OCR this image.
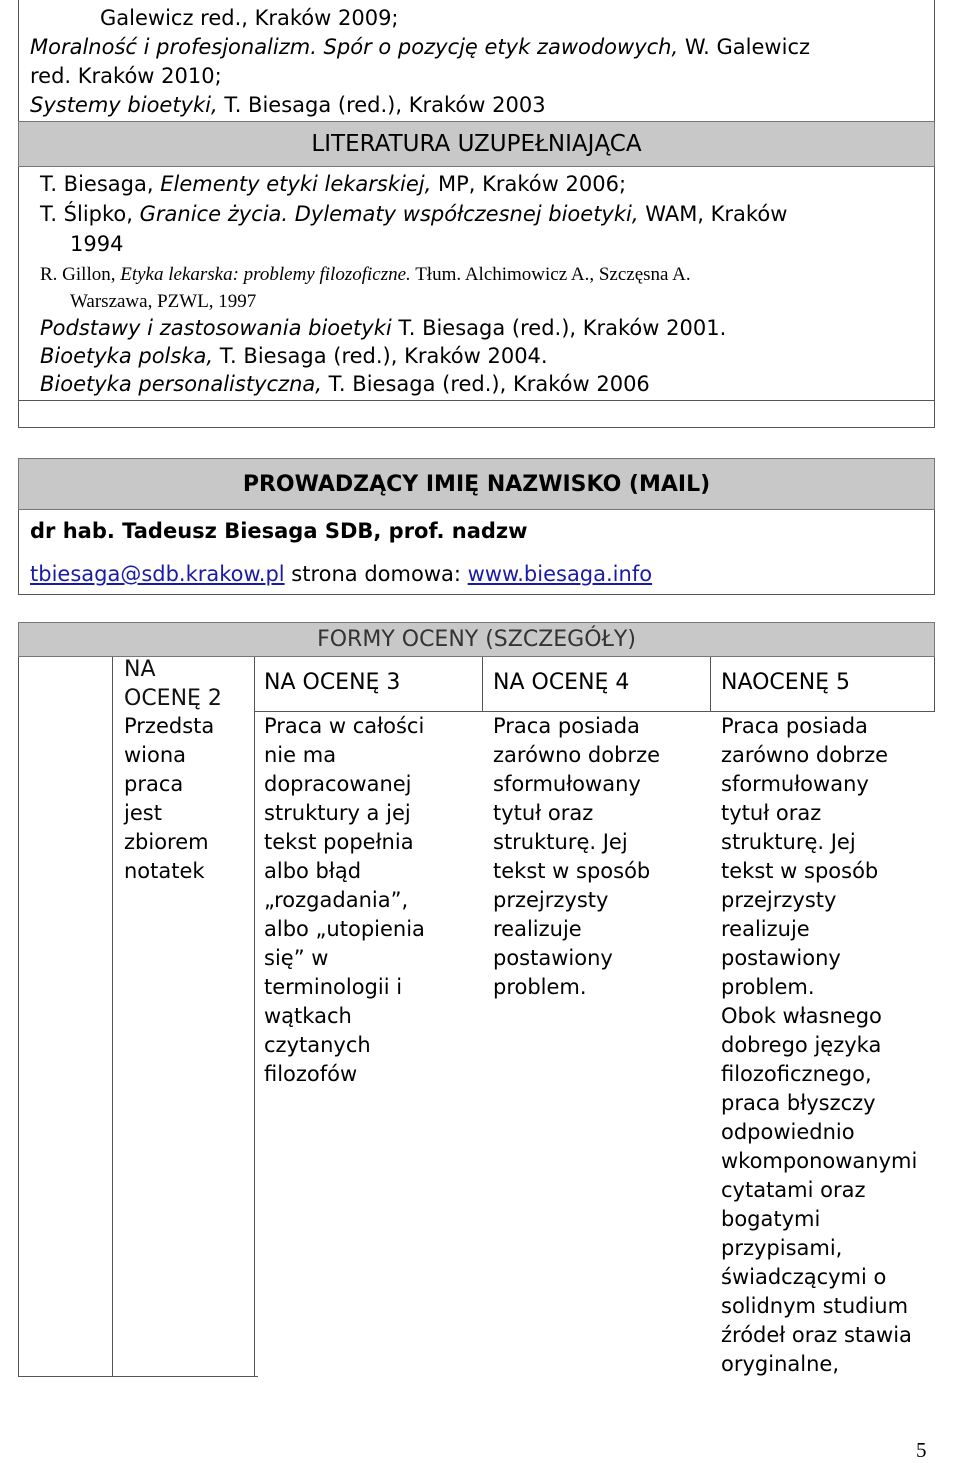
Galewicz red., Kraków 2009;
Moralność i profesjonalizm. Spór o pozycję etyk zawodowych, W. Galewicz
red. Kraków 2010;
Systemy bioetyki, T. Biesaga (red.), Kraków 2003
LITERATURA UZUPEŁNIAJĄCA
T. Biesaga, Elementy etyki lekarskiej, MP, Kraków 2006;
T. Ślipko, Granice życia. Dylematy współczesnej bioetyki, WAM, Kraków
1994
R. Gillon, Etyka lekarska: problemy filozoficzne. Tłum. Alchimowicz A., Szczęsna A.
Warszawa, PZWL, 1997
Podstawy i zastosowania bioetyki T. Biesaga (red.), Kraków 2001.
Bioetyka polska, T. Biesaga (red.), Kraków 2004.
Bioetyka personalistyczna, T. Biesaga (red.), Kraków 2006
PROWADZĄCY IMIĘ NAZWISKO (MAIL)
dr hab. Tadeusz Biesaga SDB, prof. nadzw
tbiesaga@sdb.krakow.pl strona domowa: www.biesaga.info
FORMY OCENY (SZCZEGÓŁY)
NA
OCENĘ 2
NA OCENĘ 3	NA OCENĘ 4	NAOCENĘ 5
Przedsta
wiona
praca
jest
zbiorem
notatek
Praca w całości
nie ma
dopracowanej
struktury a jej
tekst popełnia
albo błąd
„rozgadania”,
albo „utopienia
się” w
terminologii i
wątkach
czytanych
filozofów
Praca posiada
zarówno dobrze
sformułowany
tytuł oraz
strukturę. Jej
tekst w sposób
przejrzysty
realizuje
postawiony
problem.
Praca posiada
zarówno dobrze
sformułowany
tytuł oraz
strukturę. Jej
tekst w sposób
przejrzysty
realizuje
postawiony
problem.
Obok własnego
dobrego języka
filozoficznego,
praca błyszczy
odpowiednio
wkomponowanymi
cytatami oraz
bogatymi
przypisami,
świadczącymi o
solidnym studium
źródeł oraz stawia
oryginalne,
5
